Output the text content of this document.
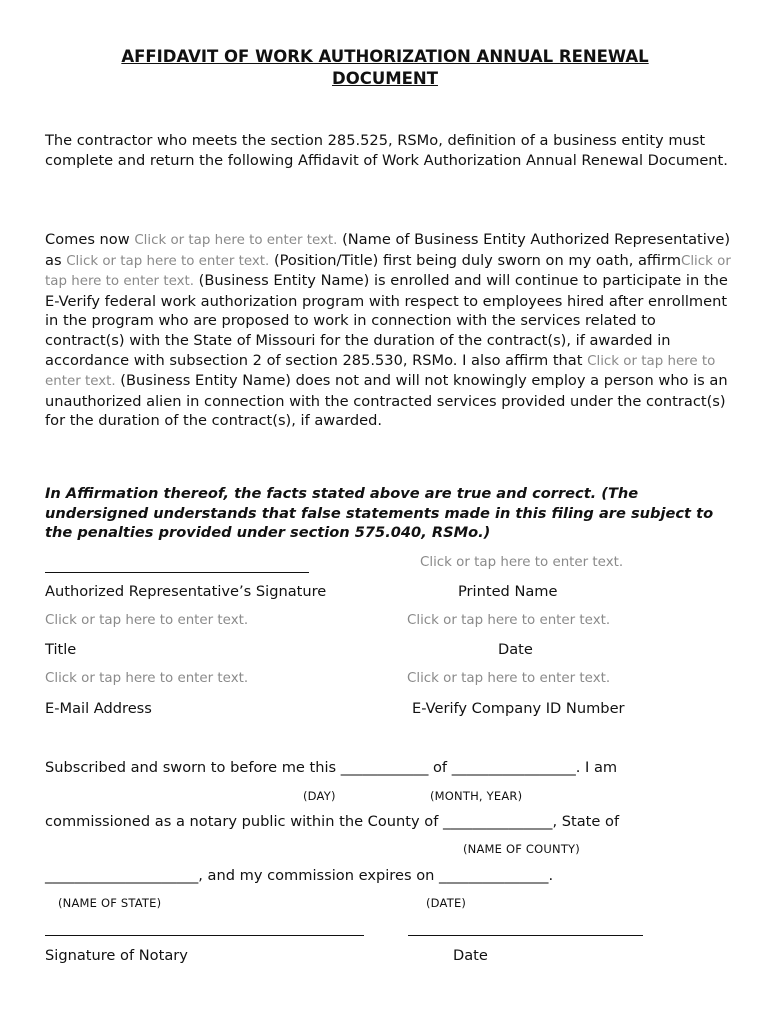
AFFIDAVIT OF WORK AUTHORIZATION ANNUAL RENEWAL
DOCUMENT
The contractor who meets the section 285.525, RSMo, definition of a business entity must complete and return the following Affidavit of Work Authorization Annual Renewal Document.
Comes now Click or tap here to enter text. (Name of Business Entity Authorized Representative) as Click or tap here to enter text. (Position/Title) first being duly sworn on my oath, affirmClick or tap here to enter text. (Business Entity Name) is enrolled and will continue to participate in the E-Verify federal work authorization program with respect to employees hired after enrollment in the program who are proposed to work in connection with the services related to contract(s) with the State of Missouri for the duration of the contract(s), if awarded in accordance with subsection 2 of section 285.530, RSMo. I also affirm that Click or tap here to enter text. (Business Entity Name) does not and will not knowingly employ a person who is an unauthorized alien in connection with the contracted services provided under the contract(s) for the duration of the contract(s), if awarded.
In Affirmation thereof, the facts stated above are true and correct. (The undersigned understands that false statements made in this filing are subject to the penalties provided under section 575.040, RSMo.)
Click or tap here to enter text.
Authorized Representative’s Signature	Printed Name
Click or tap here to enter text.	Click or tap here to enter text.
Title	Date
Click or tap here to enter text.	Click or tap here to enter text.
E-Mail Address	E-Verify Company ID Number
Subscribed and sworn to before me this ____________ of _________________. I am
(DAY)	(MONTH, YEAR)
commissioned as a notary public within the County of _______________, State of
(NAME OF COUNTY)
_____________________, and my commission expires on _______________.
(NAME OF STATE)	(DATE)
Signature of Notary	Date
